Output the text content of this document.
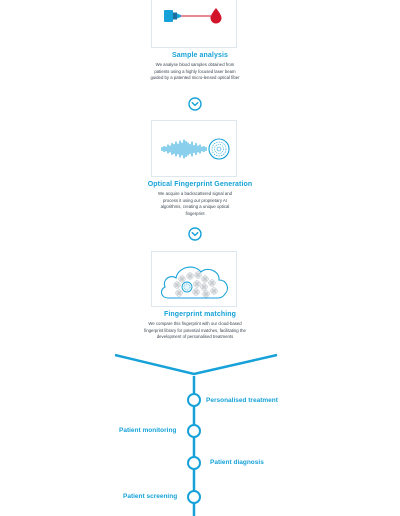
Sample analysis
We analyse blood samples obtained from patients using a highly focused laser beam guided by a patented micro-lensed optical fiber
Optical Fingerprint Generation
We acquire a backscattered signal and process it using our proprietary AI algorithms, creating a unique optical fingerprint
Fingerprint matching
We compare this fingerprint with our cloud-based fingerprint library for potential matches, facilitating the development of personalised treatments
Personalised treatment
Patient monitoring
Patient diagnosis
Patient screening
